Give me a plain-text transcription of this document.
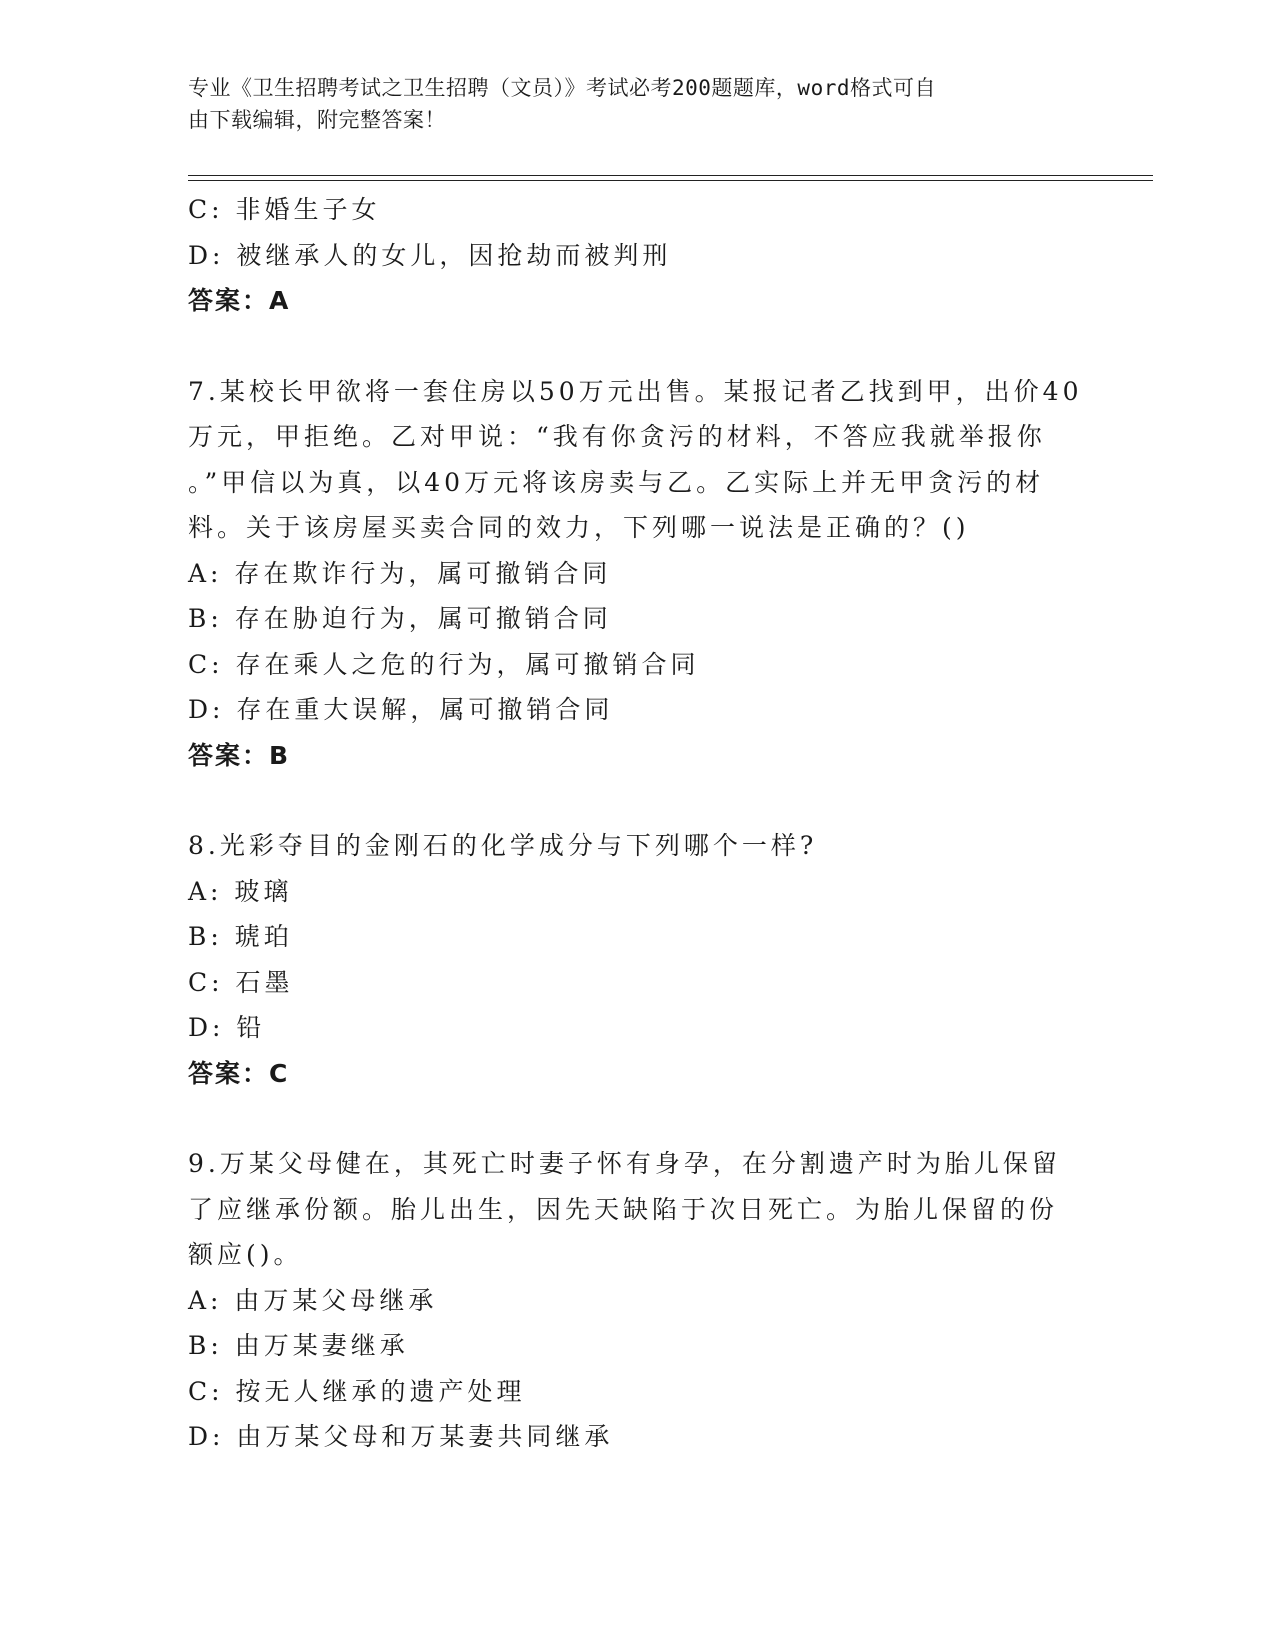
专业《卫生招聘考试之卫生招聘（文员）》考试必考200题题库，word格式可自
由下载编辑，附完整答案！
C: 非婚生子女
D: 被继承人的女儿，因抢劫而被判刑
答案：A
7.某校长甲欲将一套住房以50万元出售。某报记者乙找到甲，出价40
万元，甲拒绝。乙对甲说：“我有你贪污的材料，不答应我就举报你
。”甲信以为真，以40万元将该房卖与乙。乙实际上并无甲贪污的材
料。关于该房屋买卖合同的效力，下列哪一说法是正确的？()
A: 存在欺诈行为，属可撤销合同
B: 存在胁迫行为，属可撤销合同
C: 存在乘人之危的行为，属可撤销合同
D: 存在重大误解，属可撤销合同
答案：B
8.光彩夺目的金刚石的化学成分与下列哪个一样?
A: 玻璃
B: 琥珀
C: 石墨
D: 铅
答案：C
9.万某父母健在，其死亡时妻子怀有身孕，在分割遗产时为胎儿保留
了应继承份额。胎儿出生，因先天缺陷于次日死亡。为胎儿保留的份
额应()。
A: 由万某父母继承
B: 由万某妻继承
C: 按无人继承的遗产处理
D: 由万某父母和万某妻共同继承
